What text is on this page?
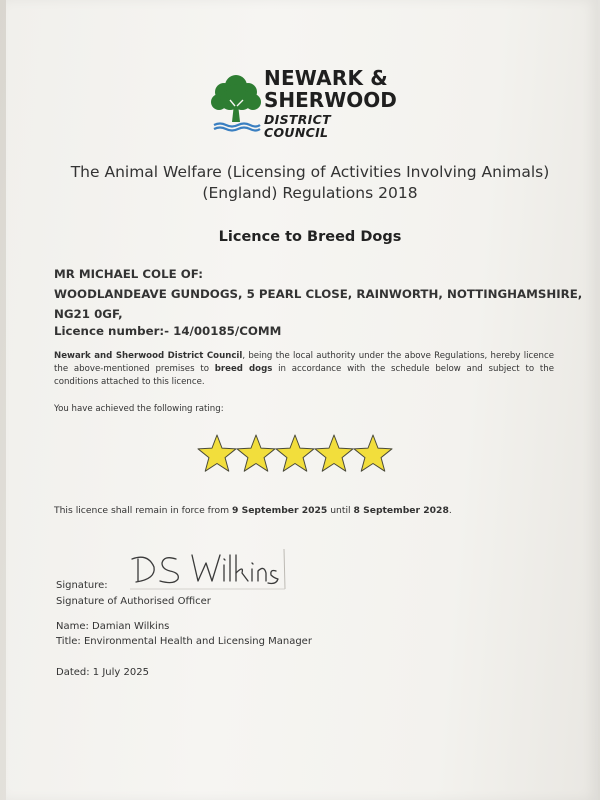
NEWARK &
SHERWOOD
DISTRICT COUNCIL
The Animal Welfare (Licensing of Activities Involving Animals)
(England) Regulations 2018
Licence to Breed Dogs
MR MICHAEL COLE OF:
WOODLANDEAVE GUNDOGS, 5 PEARL CLOSE, RAINWORTH, NOTTINGHAMSHIRE,
NG21 0GF,
Licence number:- 14/00185/COMM
Newark and Sherwood District Council, being the local authority under the above Regulations, hereby licence the above-mentioned premises to breed dogs in accordance with the schedule below and subject to the conditions attached to this licence.
You have achieved the following rating:
This licence shall remain in force from 9 September 2025 until 8 September 2028.
Signature:
Signature of Authorised Officer
Name: Damian Wilkins
Title: Environmental Health and Licensing Manager
Dated: 1 July 2025
